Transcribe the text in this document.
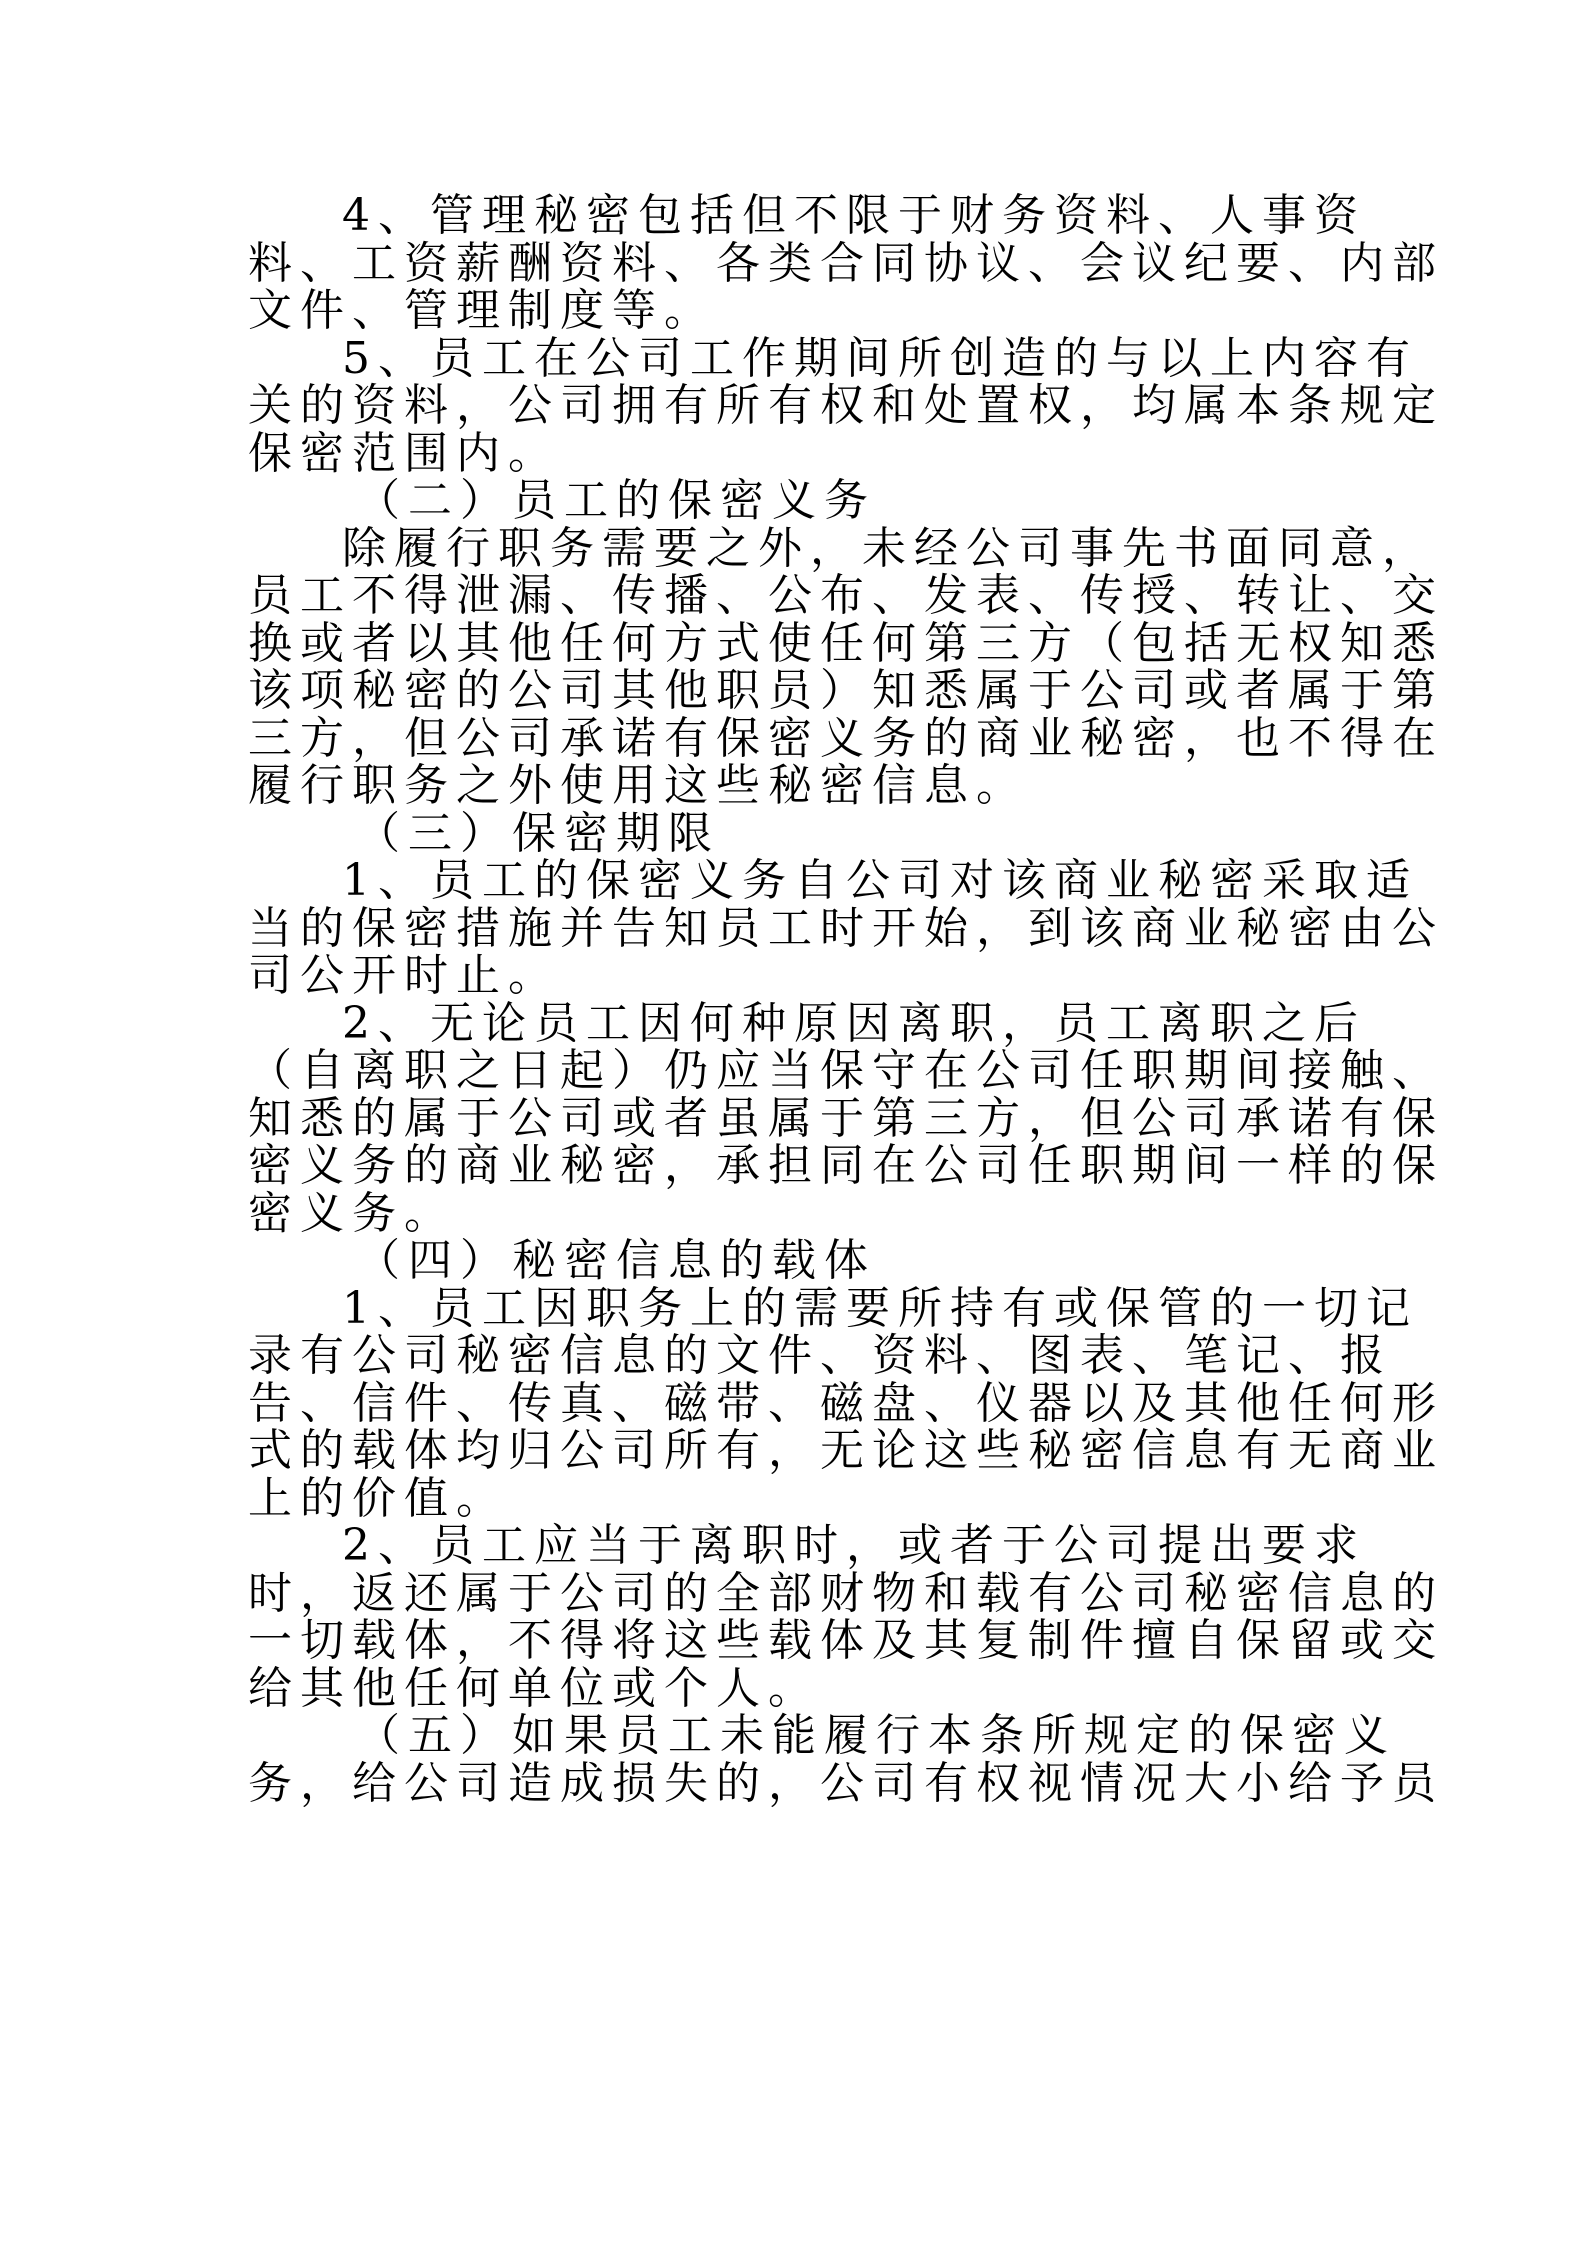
4、管理秘密包括但不限于财务资料、人事资
料、工资薪酬资料、各类合同协议、会议纪要、内部
文件、管理制度等。
5、员工在公司工作期间所创造的与以上内容有
关的资料，公司拥有所有权和处置权，均属本条规定
保密范围内。
（二）员工的保密义务
除履行职务需要之外，未经公司事先书面同意，
员工不得泄漏、传播、公布、发表、传授、转让、交
换或者以其他任何方式使任何第三方（包括无权知悉
该项秘密的公司其他职员）知悉属于公司或者属于第
三方，但公司承诺有保密义务的商业秘密，也不得在
履行职务之外使用这些秘密信息。
（三）保密期限
1、员工的保密义务自公司对该商业秘密采取适
当的保密措施并告知员工时开始，到该商业秘密由公
司公开时止。
2、无论员工因何种原因离职，员工离职之后
（自离职之日起）仍应当保守在公司任职期间接触、
知悉的属于公司或者虽属于第三方，但公司承诺有保
密义务的商业秘密，承担同在公司任职期间一样的保
密义务。
（四）秘密信息的载体
1、员工因职务上的需要所持有或保管的一切记
录有公司秘密信息的文件、资料、图表、笔记、报
告、信件、传真、磁带、磁盘、仪器以及其他任何形
式的载体均归公司所有，无论这些秘密信息有无商业
上的价值。
2、员工应当于离职时，或者于公司提出要求
时，返还属于公司的全部财物和载有公司秘密信息的
一切载体，不得将这些载体及其复制件擅自保留或交
给其他任何单位或个人。
（五）如果员工未能履行本条所规定的保密义
务，给公司造成损失的，公司有权视情况大小给予员
